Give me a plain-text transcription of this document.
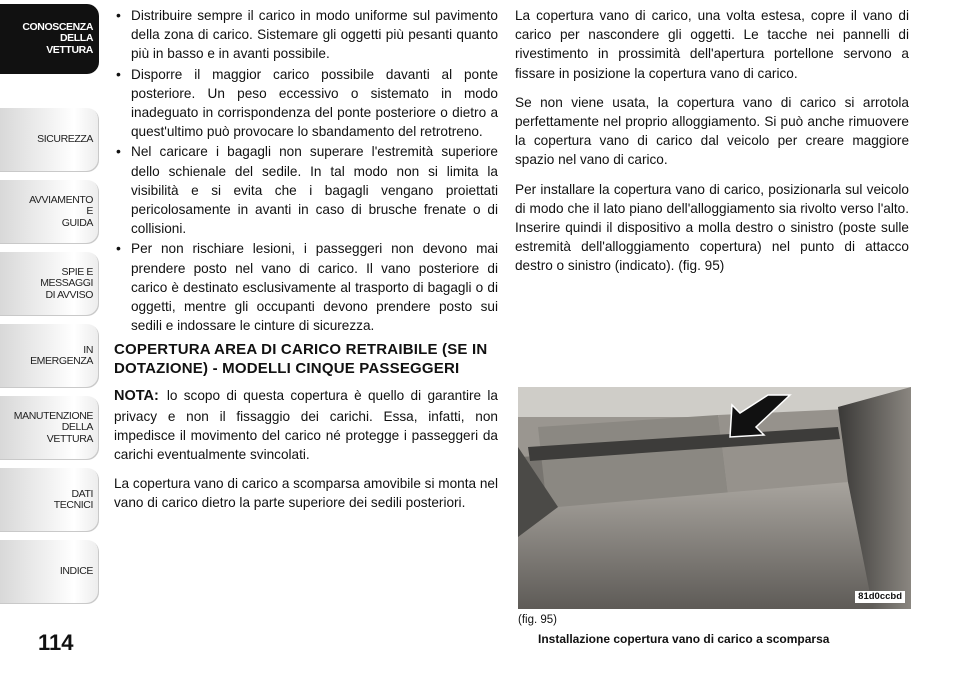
CONOSCENZA
DELLA
VETTURA
SICUREZZA
AVVIAMENTO
E
GUIDA
SPIE E
MESSAGGI
DI AVVISO
IN
EMERGENZA
MANUTENZIONE
DELLA
VETTURA
DATI
TECNICI
INDICE
114
• Distribuire sempre il carico in modo uniforme sul pavimento della zona di carico. Sistemare gli oggetti più pesanti quanto più in basso e in avanti possibile.
• Disporre il maggior carico possibile davanti al ponte posteriore. Un peso eccessivo o sistemato in modo inadeguato in corrispondenza del ponte posteriore o dietro a quest'ultimo può provocare lo sbandamento del retrotreno.
• Nel caricare i bagagli non superare l'estremità superiore dello schienale del sedile. In tal modo non si limita la visibilità e si evita che i bagagli vengano proiettati pericolosamente in avanti in caso di brusche frenate o di collisioni.
• Per non rischiare lesioni, i passeggeri non devono mai prendere posto nel vano di carico. Il vano posteriore di carico è destinato esclusivamente al trasporto di bagagli o di oggetti, mentre gli occupanti devono prendere posto sui sedili e indossare le cinture di sicurezza.
COPERTURA AREA DI CARICO RETRAIBILE (SE IN DOTAZIONE) - MODELLI CINQUE PASSEGGERI

NOTA: lo scopo di questa copertura è quello di garantire la privacy e non il fissaggio dei carichi. Essa, infatti, non impedisce il movimento del carico né protegge i passeggeri da carichi eventualmente svincolati.

La copertura vano di carico a scomparsa amovibile si monta nel vano di carico dietro la parte superiore dei sedili posteriori.

La copertura vano di carico, una volta estesa, copre il vano di carico per nascondere gli oggetti. Le tacche nei pannelli di rivestimento in prossimità dell'apertura portellone servono a fissare in posizione la copertura vano di carico.

Se non viene usata, la copertura vano di carico si arrotola perfettamente nel proprio alloggiamento. Si può anche rimuovere la copertura vano di carico dal veicolo per creare maggiore spazio nel vano di carico.

Per installare la copertura vano di carico, posizionarla sul veicolo di modo che il lato piano dell'alloggiamento sia rivolto verso l'alto. Inserire quindi il dispositivo a molla destro o sinistro (poste sulle estremità dell'alloggiamento copertura) nel punto di attacco destro o sinistro (indicato). (fig. 95)

81d0ccbd
(fig. 95)
Installazione copertura vano di carico a scomparsa
